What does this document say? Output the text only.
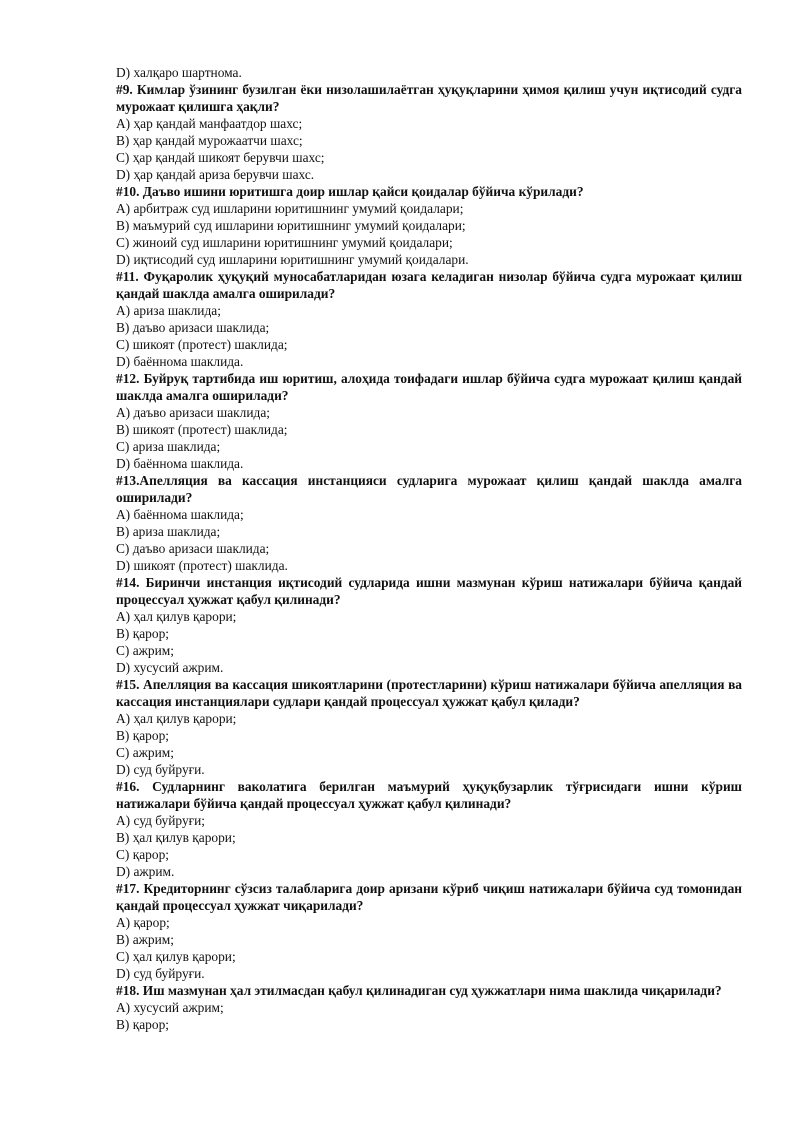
D) халқаро шартнома.
#9. Кимлар ўзининг бузилган ёки низолашилаётган ҳуқуқларини ҳимоя қилиш учун иқтисодий судга мурожаат қилишга ҳақли?
A) ҳар қандай манфаатдор шахс;
B) ҳар қандай мурожаатчи шахс;
C) ҳар қандай шикоят берувчи шахс;
D) ҳар қандай ариза берувчи шахс.
#10. Даъво ишини юритишга доир ишлар қайси қоидалар бўйича кўрилади?
A) арбитраж суд ишларини юритишнинг умумий қоидалари;
B) маъмурий суд ишларини юритишнинг умумий қоидалари;
C) жиноий суд ишларини юритишнинг умумий қоидалари;
D) иқтисодий суд ишларини юритишнинг умумий қоидалари.
#11. Фуқаролик ҳуқуқий муносабатларидан юзага келадиган низолар бўйича судга мурожаат қилиш қандай шаклда амалга оширилади?
A) ариза шаклида;
B) даъво аризаси шаклида;
C) шикоят (протест) шаклида;
D) баённома шаклида.
#12. Буйруқ тартибида иш юритиш, алоҳида тоифадаги ишлар бўйича судга мурожаат қилиш қандай шаклда амалга оширилади?
A) даъво аризаси шаклида;
B) шикоят (протест) шаклида;
C) ариза шаклида;
D) баённома шаклида.
#13.Апелляция ва кассация инстанцияси судларига мурожаат қилиш қандай шаклда амалга оширилади?
A) баённома шаклида;
B) ариза шаклида;
C) даъво аризаси шаклида;
D) шикоят (протест) шаклида.
#14. Биринчи инстанция иқтисодий судларида ишни мазмунан кўриш натижалари бўйича қандай процессуал ҳужжат қабул қилинади?
A) ҳал қилув қарори;
B) қарор;
C) ажрим;
D) хусусий ажрим.
#15. Апелляция ва кассация шикоятларини (протестларини) кўриш натижалари бўйича апелляция ва кассация инстанциялари судлари қандай процессуал ҳужжат қабул қилади?
A) ҳал қилув қарори;
B) қарор;
C) ажрим;
D) суд буйруғи.
#16. Судларнинг ваколатига берилган маъмурий ҳуқуқбузарлик тўғрисидаги ишни кўриш натижалари бўйича қандай процессуал ҳужжат қабул қилинади?
A) суд буйруғи;
B) ҳал қилув қарори;
C) қарор;
D) ажрим.
#17. Кредиторнинг сўзсиз талабларига доир аризани кўриб чиқиш натижалари бўйича суд томонидан қандай процессуал ҳужжат чиқарилади?
A) қарор;
B) ажрим;
C) ҳал қилув қарори;
D) суд буйруғи.
#18. Иш мазмунан ҳал этилмасдан қабул қилинадиган суд ҳужжатлари нима шаклида чиқарилади?
A) хусусий ажрим;
B) қарор;
